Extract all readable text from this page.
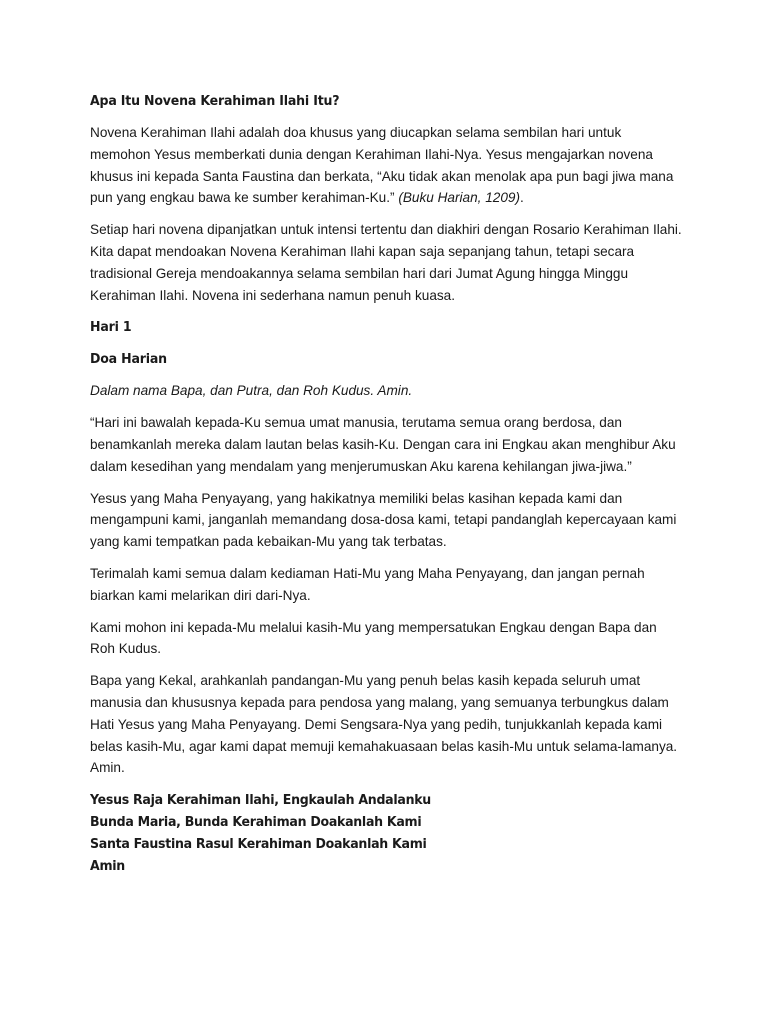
Apa Itu Novena Kerahiman Ilahi Itu?

Novena Kerahiman Ilahi adalah doa khusus yang diucapkan selama sembilan hari untuk memohon Yesus memberkati dunia dengan Kerahiman Ilahi-Nya. Yesus mengajarkan novena khusus ini kepada Santa Faustina dan berkata, “Aku tidak akan menolak apa pun bagi jiwa mana pun yang engkau bawa ke sumber kerahiman-Ku.” (Buku Harian, 1209).

Setiap hari novena dipanjatkan untuk intensi tertentu dan diakhiri dengan Rosario Kerahiman Ilahi. Kita dapat mendoakan Novena Kerahiman Ilahi kapan saja sepanjang tahun, tetapi secara tradisional Gereja mendoakannya selama sembilan hari dari Jumat Agung hingga Minggu Kerahiman Ilahi. Novena ini sederhana namun penuh kuasa.

Hari 1
Doa Harian

Dalam nama Bapa, dan Putra, dan Roh Kudus. Amin.

“Hari ini bawalah kepada-Ku semua umat manusia, terutama semua orang berdosa, dan benamkanlah mereka dalam lautan belas kasih-Ku. Dengan cara ini Engkau akan menghibur Aku dalam kesedihan yang mendalam yang menjerumuskan Aku karena kehilangan jiwa-jiwa.”

Yesus yang Maha Penyayang, yang hakikatnya memiliki belas kasihan kepada kami dan mengampuni kami, janganlah memandang dosa-dosa kami, tetapi pandanglah kepercayaan kami yang kami tempatkan pada kebaikan-Mu yang tak terbatas.

Terimalah kami semua dalam kediaman Hati-Mu yang Maha Penyayang, dan jangan pernah biarkan kami melarikan diri dari-Nya.

Kami mohon ini kepada-Mu melalui kasih-Mu yang mempersatukan Engkau dengan Bapa dan Roh Kudus.

Bapa yang Kekal, arahkanlah pandangan-Mu yang penuh belas kasih kepada seluruh umat manusia dan khususnya kepada para pendosa yang malang, yang semuanya terbungkus dalam Hati Yesus yang Maha Penyayang. Demi Sengsara-Nya yang pedih, tunjukkanlah kepada kami belas kasih-Mu, agar kami dapat memuji kemahakuasaan belas kasih-Mu untuk selama-lamanya. Amin.

Yesus Raja Kerahiman Ilahi, Engkaulah Andalanku
Bunda Maria, Bunda Kerahiman Doakanlah Kami
Santa Faustina Rasul Kerahiman Doakanlah Kami
Amin
